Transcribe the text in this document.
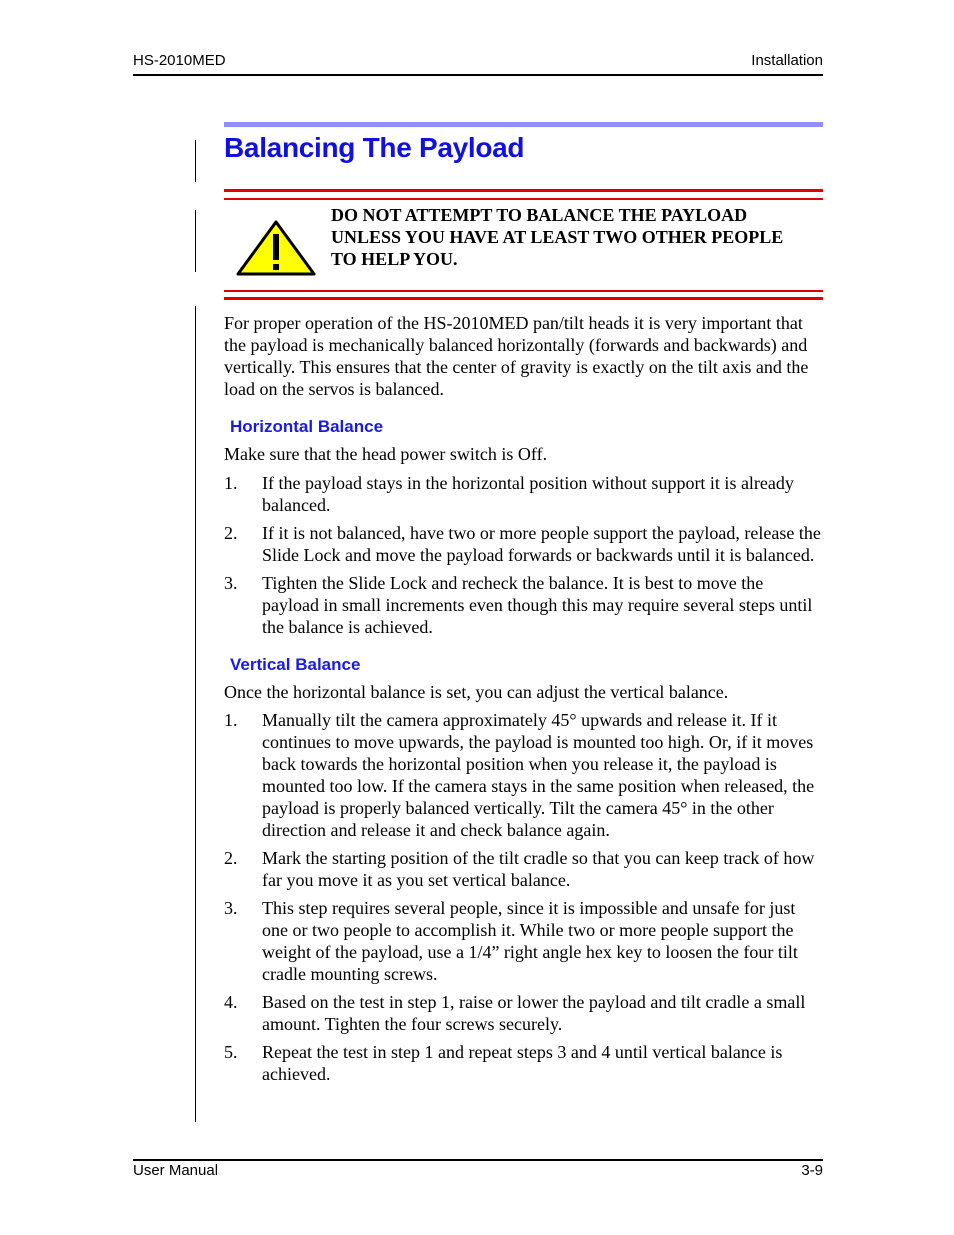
HS-2010MED	Installation
Balancing The Payload
DO NOT ATTEMPT TO BALANCE THE PAYLOAD UNLESS YOU HAVE AT LEAST TWO OTHER PEOPLE TO HELP YOU.

For proper operation of the HS-2010MED pan/tilt heads it is very important that the payload is mechanically balanced horizontally (forwards and backwards) and vertically. This ensures that the center of gravity is exactly on the tilt axis and the load on the servos is balanced.

Horizontal Balance

Make sure that the head power switch is Off.

1. If the payload stays in the horizontal position without support it is already balanced.
2. If it is not balanced, have two or more people support the payload, release the Slide Lock and move the payload forwards or backwards until it is balanced.
3. Tighten the Slide Lock and recheck the balance. It is best to move the payload in small increments even though this may require several steps until the balance is achieved.
Vertical Balance

Once the horizontal balance is set, you can adjust the vertical balance.

1. Manually tilt the camera approximately 45° upwards and release it. If it continues to move upwards, the payload is mounted too high. Or, if it moves back towards the horizontal position when you release it, the payload is mounted too low. If the camera stays in the same position when released, the payload is properly balanced vertically. Tilt the camera 45° in the other direction and release it and check balance again.
2. Mark the starting position of the tilt cradle so that you can keep track of how far you move it as you set vertical balance.
3. This step requires several people, since it is impossible and unsafe for just one or two people to accomplish it. While two or more people support the weight of the payload, use a 1/4” right angle hex key to loosen the four tilt cradle mounting screws.
4. Based on the test in step 1, raise or lower the payload and tilt cradle a small amount. Tighten the four screws securely.
5. Repeat the test in step 1 and repeat steps 3 and 4 until vertical balance is achieved.
User Manual	3-9
